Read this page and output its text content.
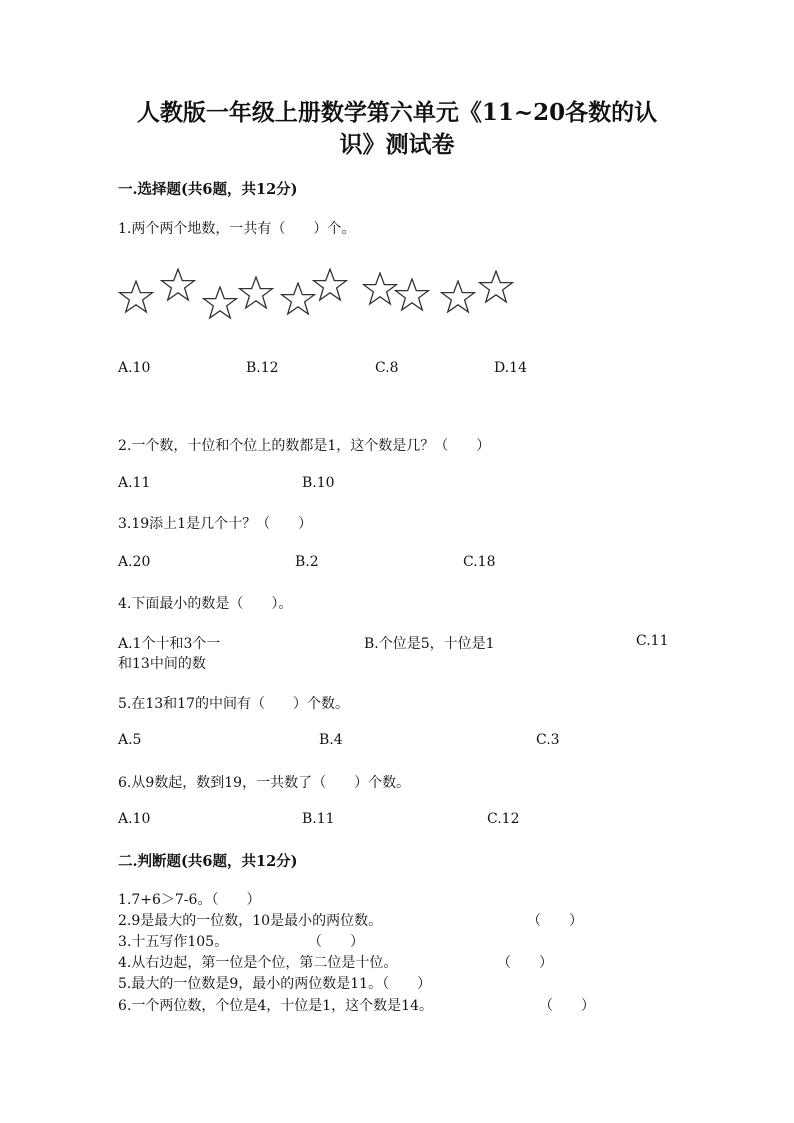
人教版一年级上册数学第六单元《11~20各数的认
识》测试卷
一.选择题(共6题，共12分)
1.两个两个地数，一共有（　　）个。
A.10	B.12	C.8	D.14
2.一个数，十位和个位上的数都是1，这个数是几？（　　）
A.11	B.10
3.19添上1是几个十？（　　）
A.20	B.2	C.18
4.下面最小的数是（　　）。
A.1个十和3个一	B.个位是5，十位是1	C.11
和13中间的数
5.在13和17的中间有（　　）个数。
A.5	B.4	C.3
6.从9数起，数到19，一共数了（　　）个数。
A.10	B.11	C.12
二.判断题(共6题，共12分)
1.7+6＞7-6。（　　）
2.9是最大的一位数，10是最小的两位数。	（　　）
3.十五写作105。	（　　）
4.从右边起，第一位是个位，第二位是十位。	（　　）
5.最大的一位数是9，最小的两位数是11。（　　）
6.一个两位数，个位是4，十位是1，这个数是14。	（　　）
